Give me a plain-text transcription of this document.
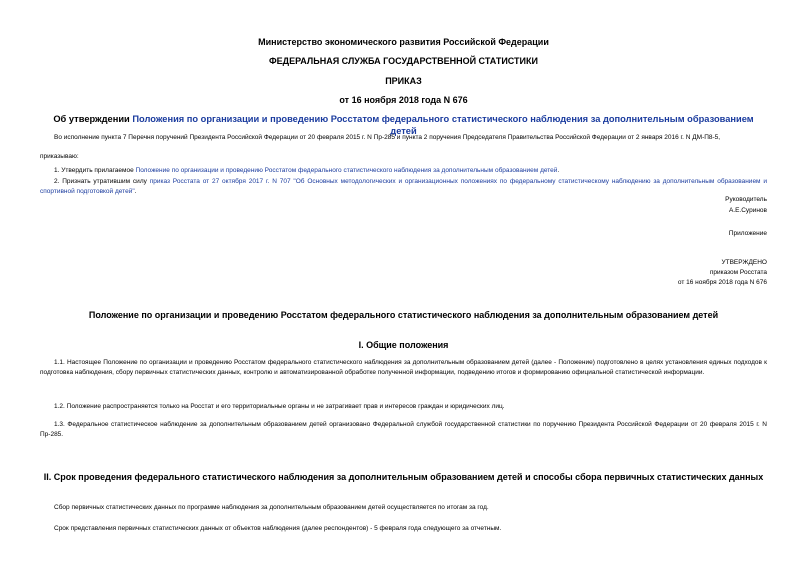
Министерство экономического развития Российской Федерации
ФЕДЕРАЛЬНАЯ СЛУЖБА ГОСУДАРСТВЕННОЙ СТАТИСТИКИ
ПРИКАЗ
от 16 ноября 2018 года N 676
Об утверждении Положения по организации и проведению Росстатом федерального статистического наблюдения за дополнительным образованием детей
Во исполнение пункта 7 Перечня поручений Президента Российской Федерации от 20 февраля 2015 г. N Пр-285 и пункта 2 поручения Председателя Правительства Российской Федерации от 2 января 2016 г. N ДМ-П8-5,
приказываю:
1. Утвердить прилагаемое Положение по организации и проведению Росстатом федерального статистического наблюдения за дополнительным образованием детей.
2. Признать утратившим силу приказ Росстата от 27 октября 2017 г. N 707 "Об Основных методологических и организационных положениях по федеральному статистическому наблюдению за дополнительным образованием и спортивной подготовкой детей".
Руководитель
А.Е.Суринов
Приложение
УТВЕРЖДЕНО
приказом Росстата
от 16 ноября 2018 года N 676
Положение по организации и проведению Росстатом федерального статистического наблюдения за дополнительным образованием детей
I. Общие положения
1.1. Настоящее Положение по организации и проведению Росстатом федерального статистического наблюдения за дополнительным образованием детей (далее - Положение) подготовлено в целях установления единых подходов к подготовка наблюдения, сбору первичных статистических данных, контролю и автоматизированной обработке полученной информации, подведению итогов и формированию официальной статистической информации.
1.2. Положение распространяется только на Росстат и его территориальные органы и не затрагивает прав и интересов граждан и юридических лиц.
1.3. Федеральное статистическое наблюдение за дополнительным образованием детей организовано Федеральной службой государственной статистики по поручению Президента Российской Федерации от 20 февраля 2015 г. N Пр-285.
II. Срок проведения федерального статистического наблюдения за дополнительным образованием детей и способы сбора первичных статистических данных
Сбор первичных статистических данных по программе наблюдения за дополнительным образованием детей осуществляется по итогам за год.
Срок представления первичных статистических данных от объектов наблюдения (далее респондентов) - 5 февраля года следующего за отчетным.
